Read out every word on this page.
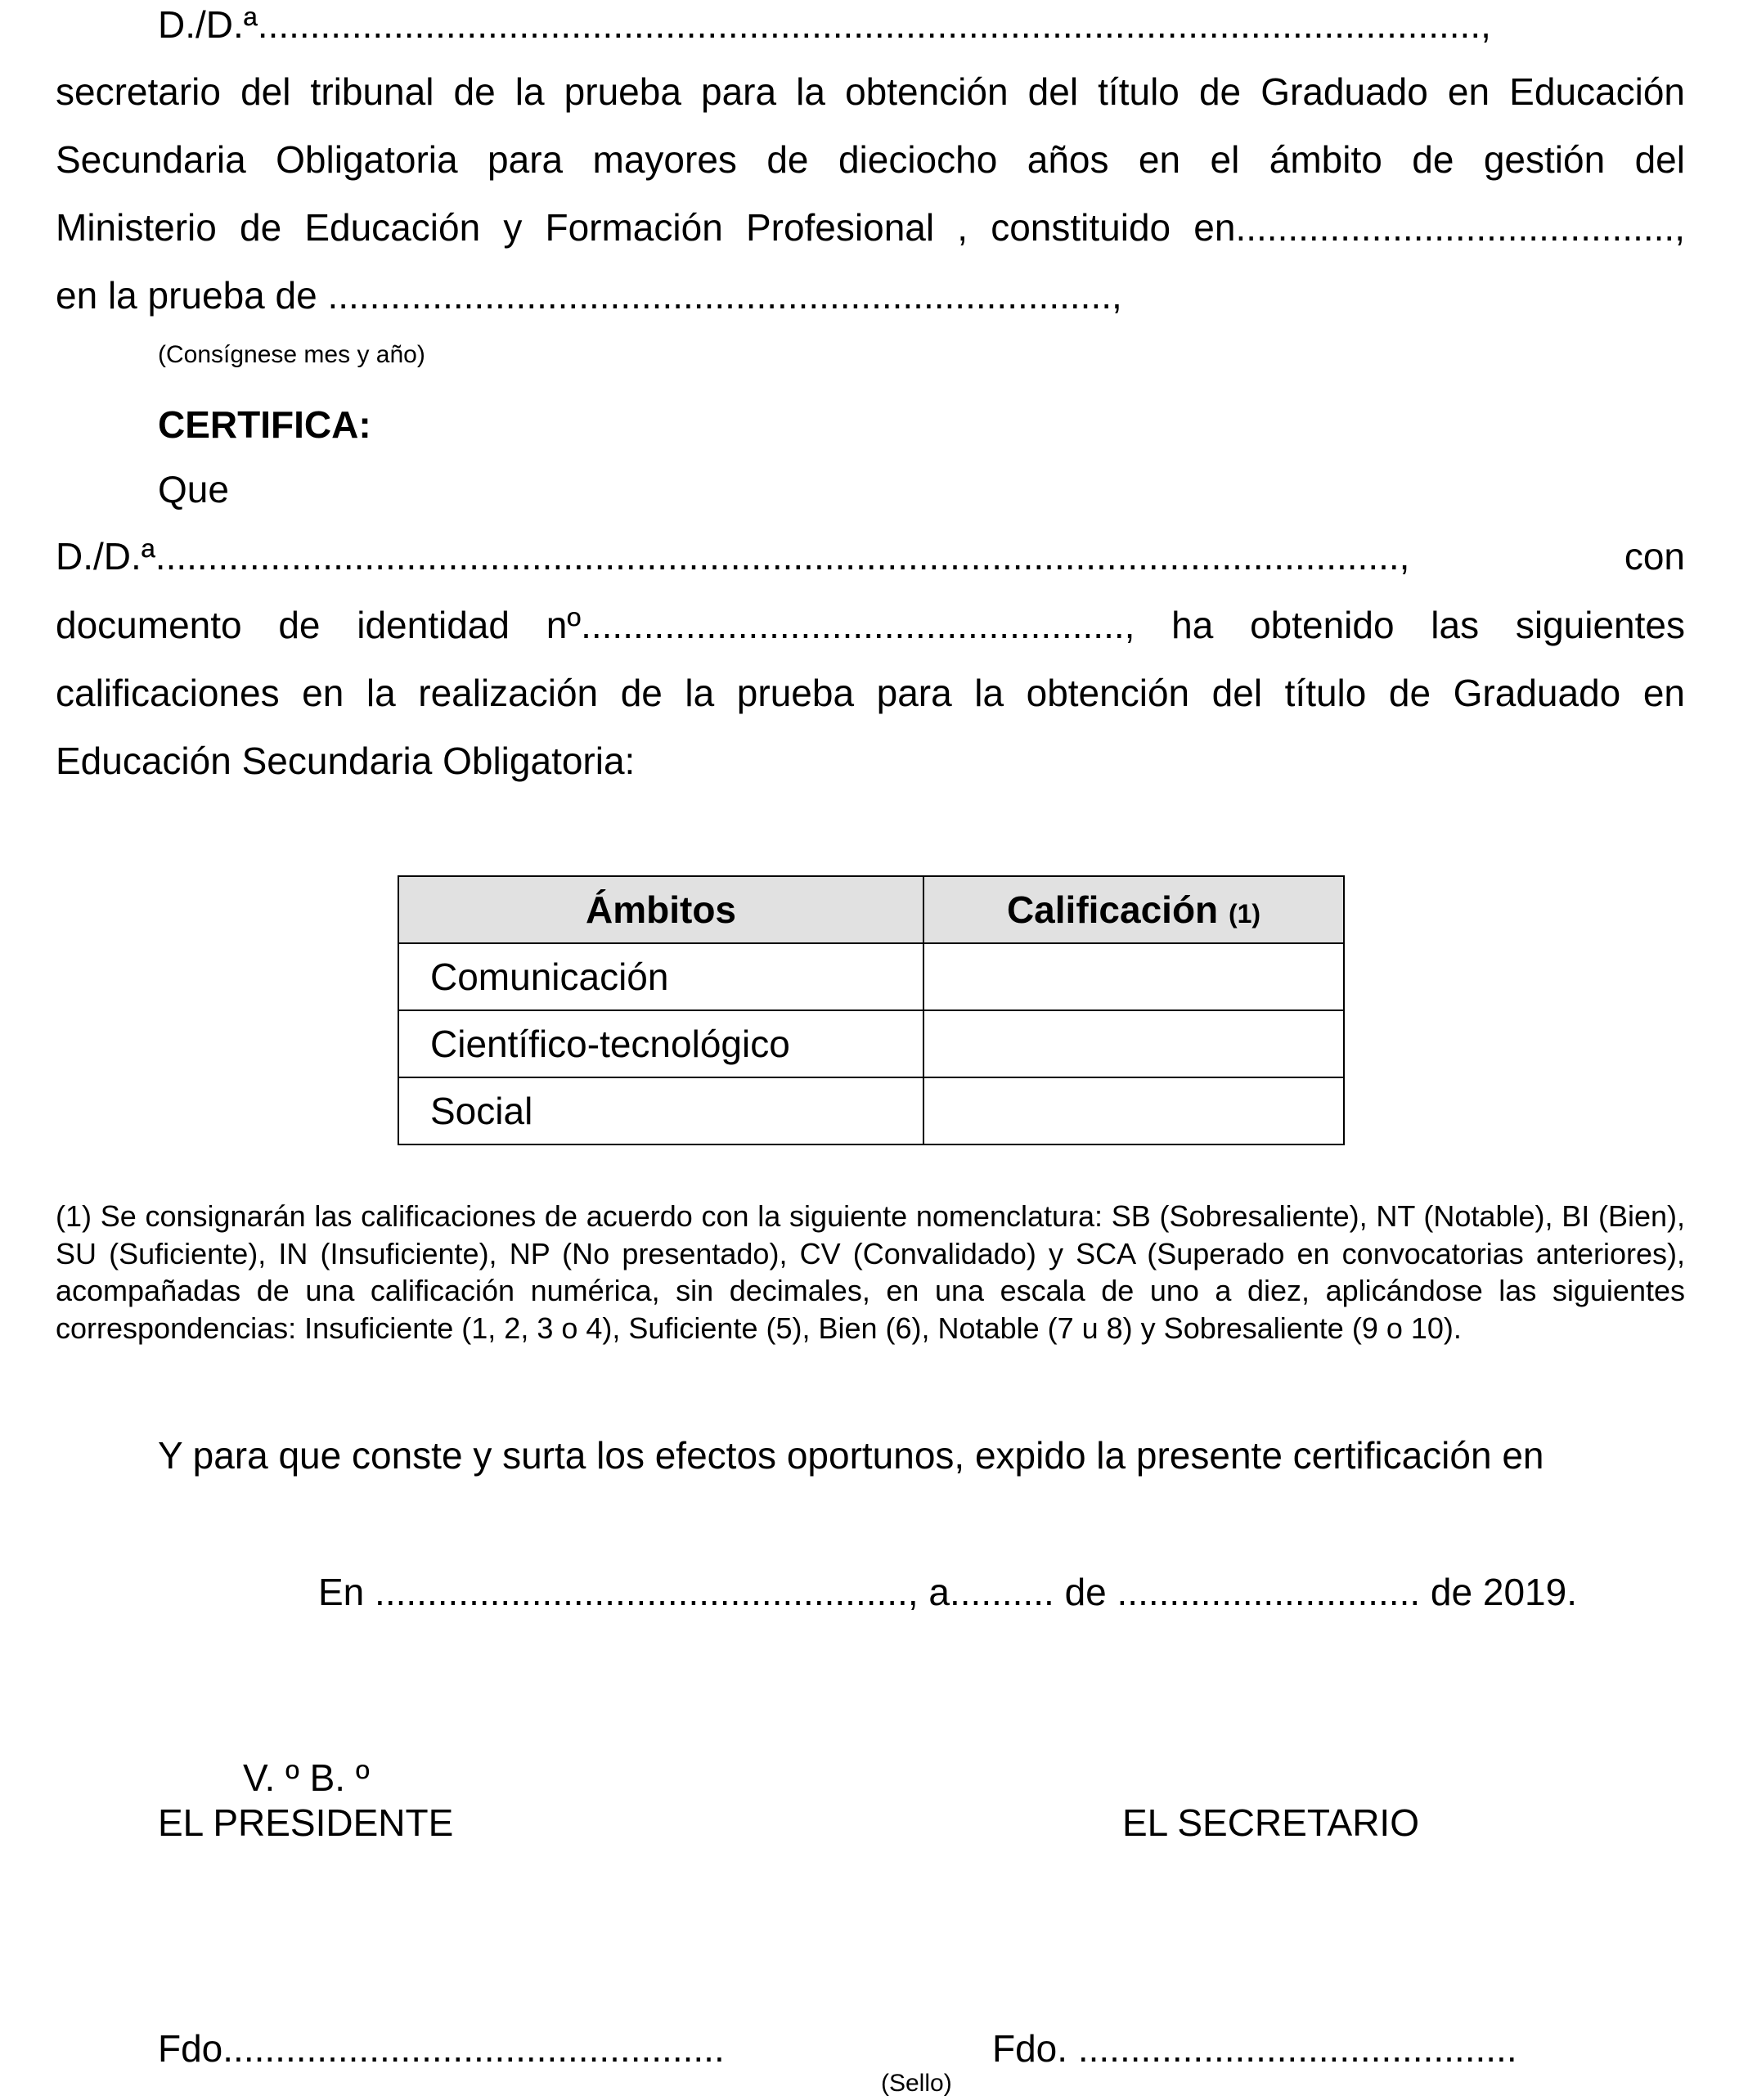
D./D.ª.....................................................................................................................,
secretario del tribunal de la prueba para la obtención del título de Graduado en Educación
Secundaria Obligatoria para mayores de dieciocho años en el ámbito de gestión del
Ministerio de Educación y Formación Profesional , constituido en..........................................,
en la prueba de ...........................................................................,
(Consígnese mes y año)
CERTIFICA:
Que
D./D.ª......................................................................................................................., con
documento de identidad nº...................................................., ha obtenido las siguientes
calificaciones en la realización de la prueba para la obtención del título de Graduado en
Educación Secundaria Obligatoria:
Ámbitos	Calificación (1)
Comunicación	
Científico-tecnológico	
Social	
(1) Se consignarán las calificaciones de acuerdo con la siguiente nomenclatura: SB (Sobresaliente), NT (Notable), BI (Bien), SU (Suficiente), IN (Insuficiente), NP (No presentado), CV (Convalidado) y SCA (Superado en convocatorias anteriores), acompañadas de una calificación numérica, sin decimales, en una escala de uno a diez, aplicándose las siguientes correspondencias: Insuficiente (1, 2, 3 o 4), Suficiente (5), Bien (6), Notable (7 u 8) y Sobresaliente (9 o 10).
Y para que conste y surta los efectos oportunos, expido la presente certificación en
En ..................................................., a.......... de ............................. de 2019.
V. º B. º
EL PRESIDENTE	EL SECRETARIO
Fdo................................................	Fdo. ..........................................
(Sello)
